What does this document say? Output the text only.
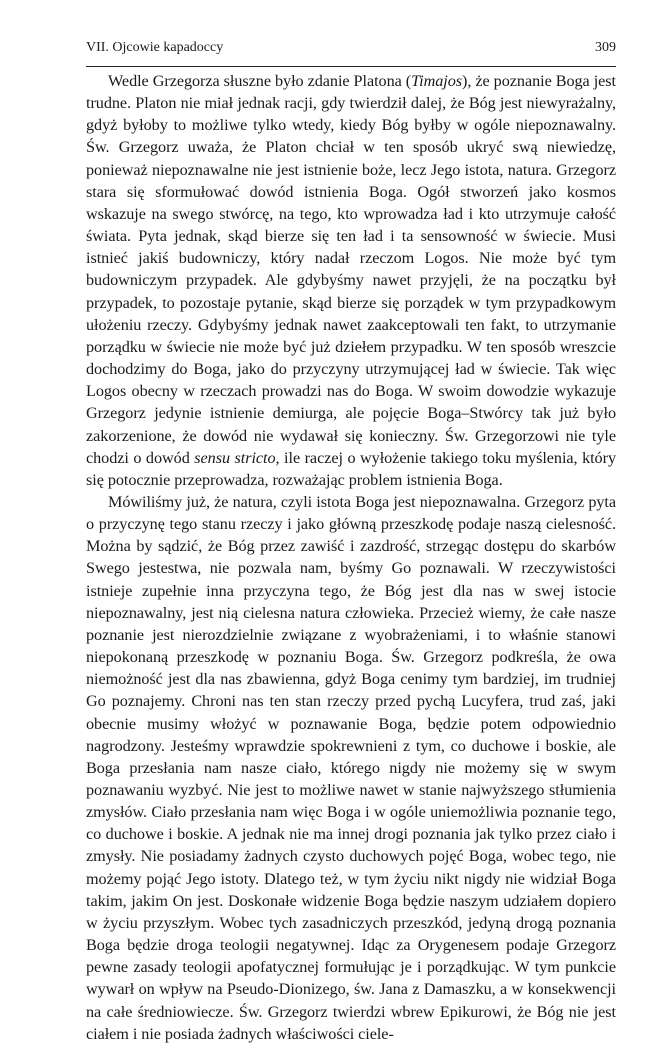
VII. Ojcowie kapadoccy	309

Wedle Grzegorza słuszne było zdanie Platona (Timajos), że poznanie Boga jest trudne. Platon nie miał jednak racji, gdy twierdził dalej, że Bóg jest niewyrażalny, gdyż byłoby to możliwe tylko wtedy, kiedy Bóg byłby w ogóle niepoznawalny. Św. Grzegorz uważa, że Platon chciał w ten sposób ukryć swą niewiedzę, ponieważ niepoznawalne nie jest istnienie boże, lecz Jego istota, natura. Grzegorz stara się sformułować dowód istnienia Boga. Ogół stworzeń jako kosmos wskazuje na swego stwórcę, na tego, kto wprowadza ład i kto utrzymuje całość świata. Pyta jednak, skąd bierze się ten ład i ta sensowność w świecie. Musi istnieć jakiś budowniczy, który nadał rzeczom Logos. Nie może być tym budowniczym przypadek. Ale gdybyśmy nawet przyjęli, że na początku był przypadek, to pozostaje pytanie, skąd bierze się porządek w tym przypadkowym ułożeniu rzeczy. Gdybyśmy jednak nawet zaakceptowali ten fakt, to utrzymanie porządku w świecie nie może być już dziełem przypadku. W ten sposób wreszcie dochodzimy do Boga, jako do przyczyny utrzymującej ład w świecie. Tak więc Logos obecny w rzeczach prowadzi nas do Boga. W swoim dowodzie wykazuje Grzegorz jedynie istnienie demiurga, ale pojęcie Boga–Stwórcy tak już było zakorzenione, że dowód nie wydawał się konieczny. Św. Grzegorzowi nie tyle chodzi o dowód sensu stricto, ile raczej o wyłożenie takiego toku myślenia, który się potocznie przeprowadza, rozważając problem istnienia Boga.

Mówiliśmy już, że natura, czyli istota Boga jest niepoznawalna. Grzegorz pyta o przyczynę tego stanu rzeczy i jako główną przeszkodę podaje naszą cielesność. Można by sądzić, że Bóg przez zawiść i zazdrość, strzegąc dostępu do skarbów Swego jestestwa, nie pozwala nam, byśmy Go poznawali. W rzeczywistości istnieje zupełnie inna przyczyna tego, że Bóg jest dla nas w swej istocie niepoznawalny, jest nią cielesna natura człowieka. Przecież wiemy, że całe nasze poznanie jest nierozdzielnie związane z wyobrażeniami, i to właśnie stanowi niepokonaną przeszkodę w poznaniu Boga. Św. Grzegorz podkreśla, że owa niemożność jest dla nas zbawienna, gdyż Boga cenimy tym bardziej, im trudniej Go poznajemy. Chroni nas ten stan rzeczy przed pychą Lucyfera, trud zaś, jaki obecnie musimy włożyć w poznawanie Boga, będzie potem odpowiednio nagrodzony. Jesteśmy wprawdzie spokrewnieni z tym, co duchowe i boskie, ale Boga przesłania nam nasze ciało, którego nigdy nie możemy się w swym poznawaniu wyzbyć. Nie jest to możliwe nawet w stanie najwyższego stłumienia zmysłów. Ciało przesłania nam więc Boga i w ogóle uniemożliwia poznanie tego, co duchowe i boskie. A jednak nie ma innej drogi poznania jak tylko przez ciało i zmysły. Nie posiadamy żadnych czysto duchowych pojęć Boga, wobec tego, nie możemy pojąć Jego istoty. Dlatego też, w tym życiu nikt nigdy nie widział Boga takim, jakim On jest. Doskonałe widzenie Boga będzie naszym udziałem dopiero w życiu przyszłym. Wobec tych zasadniczych przeszkód, jedyną drogą poznania Boga będzie droga teologii negatywnej. Idąc za Orygenesem podaje Grzegorz pewne zasady teologii apofatycznej formułując je i porządkując. W tym punkcie wywarł on wpływ na Pseudo-Dionizego, św. Jana z Damaszku, a w konsekwencji na całe średniowiecze. Św. Grzegorz twierdzi wbrew Epikurowi, że Bóg nie jest ciałem i nie posiada żadnych właściwości ciele-
